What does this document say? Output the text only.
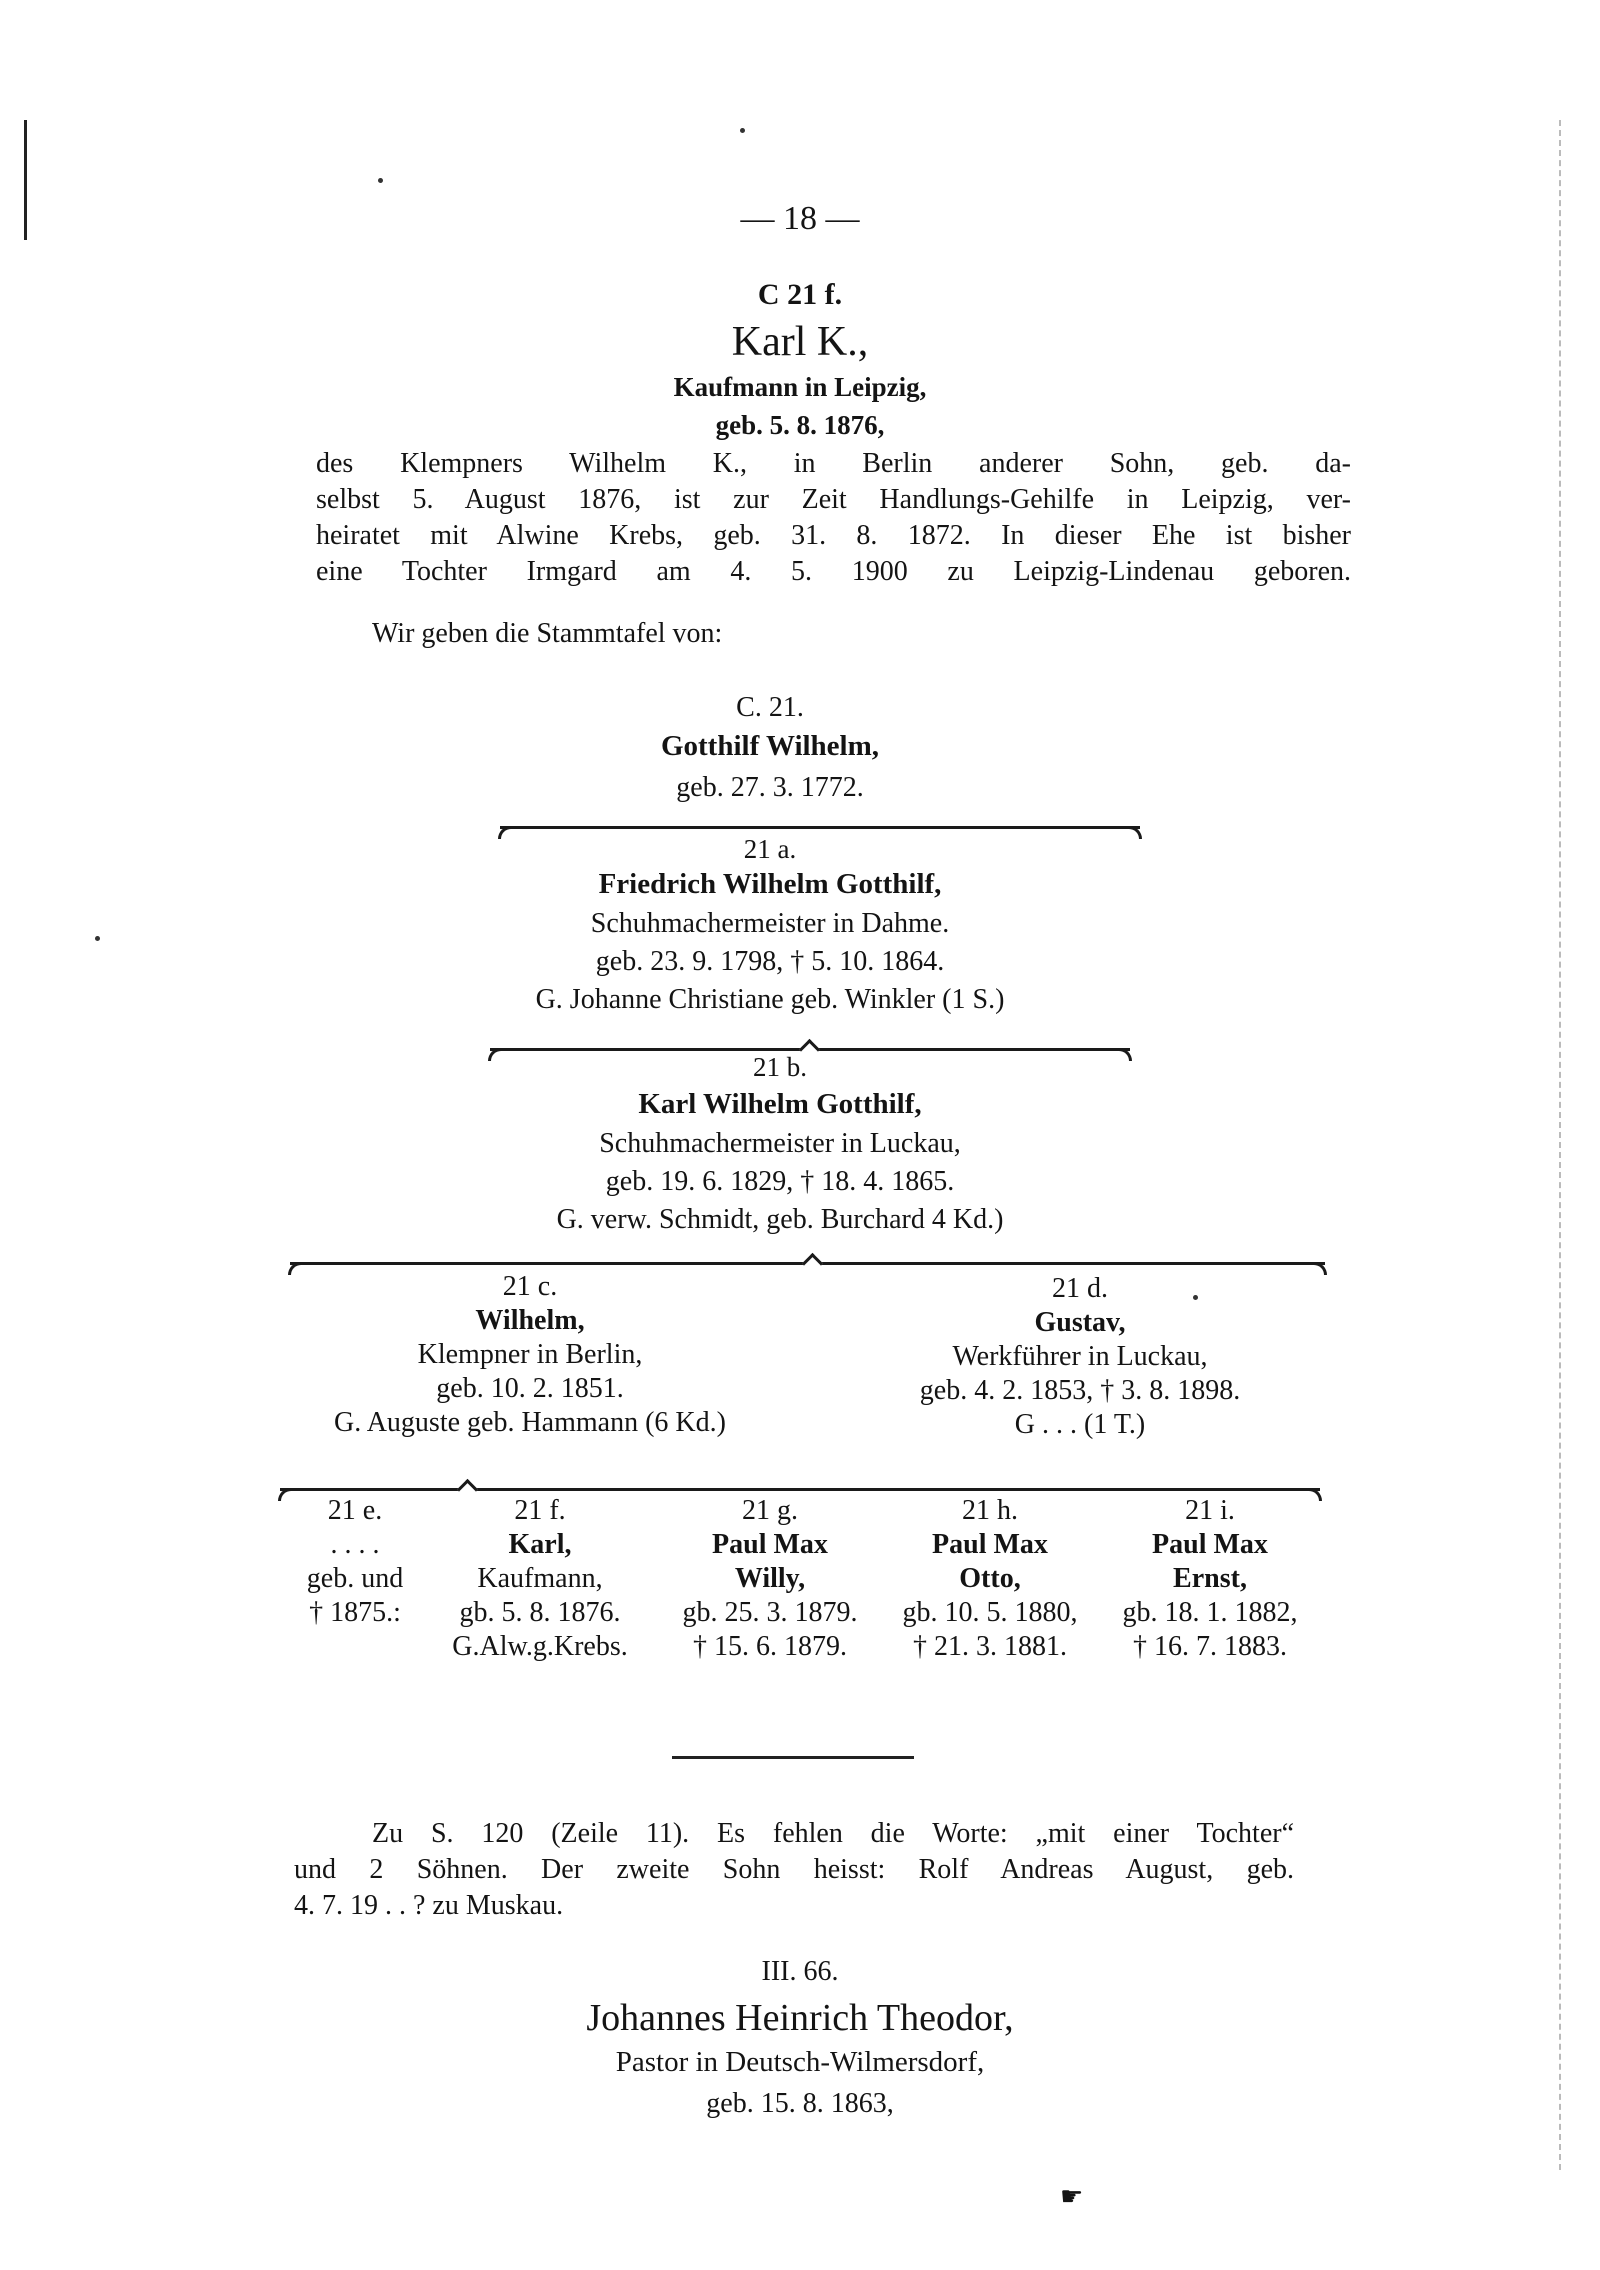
— 18 —
C 21 f.
Karl K.,
Kaufmann in Leipzig,
geb. 5. 8. 1876,
des Klempners Wilhelm K., in Berlin anderer Sohn, geb. da-
selbst 5. August 1876, ist zur Zeit Handlungs-Gehilfe in Leipzig, ver-
heiratet mit Alwine Krebs, geb. 31. 8. 1872. In dieser Ehe ist bisher
eine Tochter Irmgard am 4. 5. 1900 zu Leipzig-Lindenau geboren.
Wir geben die Stammtafel von:
C. 21.
Gotthilf Wilhelm,
geb. 27. 3. 1772.
21 a.
Friedrich Wilhelm Gotthilf,
Schuhmachermeister in Dahme.
geb. 23. 9. 1798, † 5. 10. 1864.
G. Johanne Christiane geb. Winkler (1 S.)
21 b.
Karl Wilhelm Gotthilf,
Schuhmachermeister in Luckau,
geb. 19. 6. 1829, † 18. 4. 1865.
G. verw. Schmidt, geb. Burchard 4 Kd.)
21 c.
Wilhelm,
Klempner in Berlin,
geb. 10. 2. 1851.
G. Auguste geb. Hammann (6 Kd.)
21 d.
Gustav,
Werkführer in Luckau,
geb. 4. 2. 1853, † 3. 8. 1898.
G . . . (1 T.)
21 e.
. . . .
geb. und
† 1875.:
21 f.
Karl,
Kaufmann,
gb. 5. 8. 1876.
G.Alw.g.Krebs.
21 g.
Paul Max
Willy,
gb. 25. 3. 1879.
† 15. 6. 1879.
21 h.
Paul Max
Otto,
gb. 10. 5. 1880,
† 21. 3. 1881.
21 i.
Paul Max
Ernst,
gb. 18. 1. 1882,
† 16. 7. 1883.
Zu S. 120 (Zeile 11). Es fehlen die Worte: „mit einer Tochter“
und 2 Söhnen. Der zweite Sohn heisst: Rolf Andreas August, geb.
4. 7. 19 . . ? zu Muskau.
III. 66.
Johannes Heinrich Theodor,
Pastor in Deutsch-Wilmersdorf,
geb. 15. 8. 1863,
☛
